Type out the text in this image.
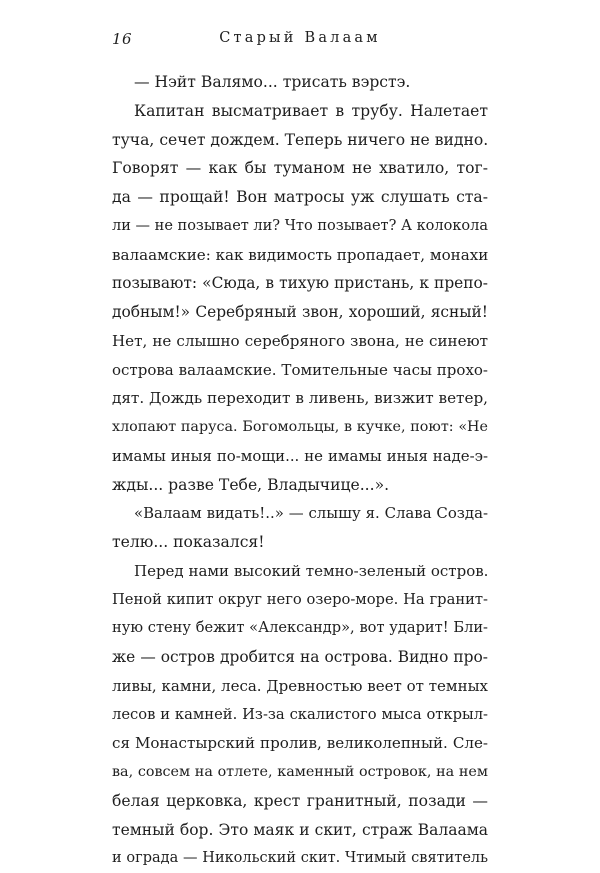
16	Старый Валаам
— Нэйт Валямо... трисать вэрстэ.
Капитан высматривает в трубу. Налетает
туча, сечет дождем. Теперь ничего не видно.
Говорят — как бы туманом не хватило, тог-
да — прощай! Вон матросы уж слушать ста-
ли — не позывает ли? Что позывает? А колокола
валаамские: как видимость пропадает, монахи
позывают: «Сюда, в тихую пристань, к препо-
добным!» Серебряный звон, хороший, ясный!
Нет, не слышно серебряного звона, не синеют
острова валаамские. Томительные часы прохо-
дят. Дождь переходит в ливень, визжит ветер,
хлопают паруса. Богомольцы, в кучке, поют: «Не
имамы иныя по-мощи... не имамы иныя наде-э-
жды... разве Тебе, Владычице...».
«Валаам видать!..» — слышу я. Слава Созда-
телю... показался!
Перед нами высокий темно-зеленый остров.
Пеной кипит округ него озеро-море. На гранит-
ную стену бежит «Александр», вот ударит! Бли-
же — остров дробится на острова. Видно про-
ливы, камни, леса. Древностью веет от темных
лесов и камней. Из-за скалистого мыса открыл-
ся Монастырский пролив, великолепный. Сле-
ва, совсем на отлете, каменный островок, на нем
белая церковка, крест гранитный, позади —
темный бор. Это маяк и скит, страж Валаама
и ограда — Никольский скит. Чтимый святитель
